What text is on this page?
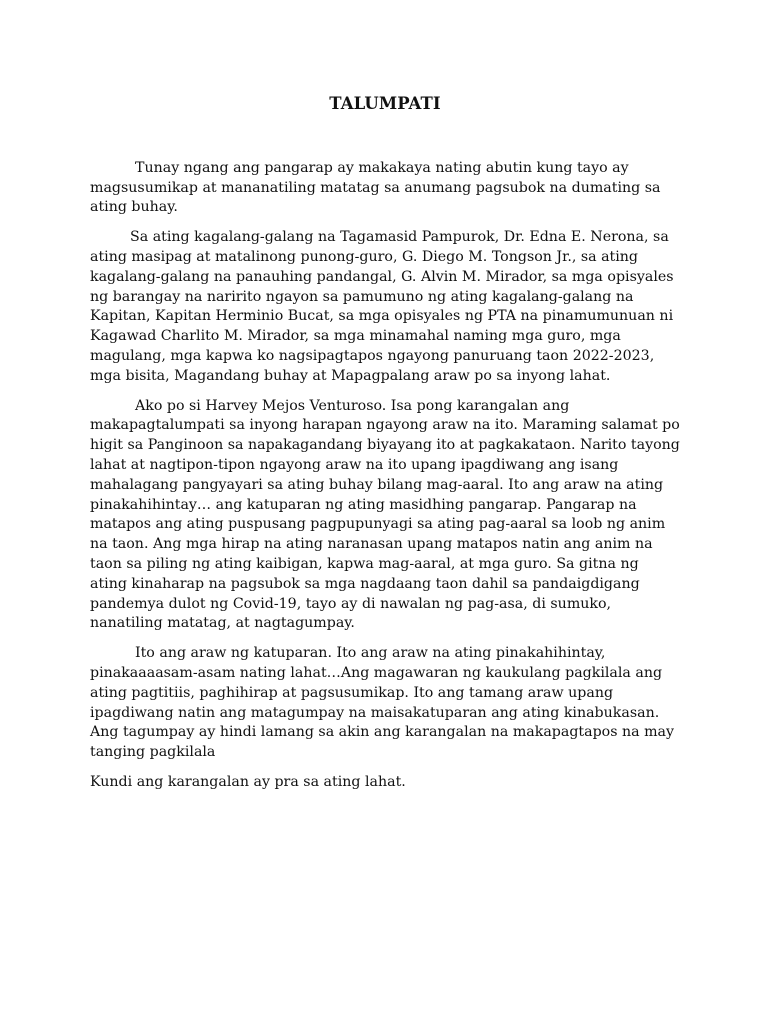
TALUMPATI

Tunay ngang ang pangarap ay makakaya nating abutin kung tayo ay magsusumikap at mananatiling matatag sa anumang pagsubok na dumating sa ating buhay.

Sa ating kagalang-galang na Tagamasid Pampurok, Dr. Edna E. Nerona, sa ating masipag at matalinong punong-guro, G. Diego M. Tongson Jr., sa ating kagalang-galang na panauhing pandangal, G. Alvin M. Mirador, sa mga opisyales ng barangay na naririto ngayon sa pamumuno ng ating kagalang-galang na Kapitan, Kapitan Herminio Bucat, sa mga opisyales ng PTA na pinamumunuan ni Kagawad Charlito M. Mirador, sa mga minamahal naming mga guro, mga magulang, mga kapwa ko nagsipagtapos ngayong panuruang taon 2022-2023, mga bisita, Magandang buhay at Mapagpalang araw po sa inyong lahat.

Ako po si Harvey Mejos Venturoso. Isa pong karangalan ang makapagtalumpati sa inyong harapan ngayong araw na ito. Maraming salamat po higit sa Panginoon sa napakagandang biyayang ito at pagkakataon. Narito tayong lahat at nagtipon-tipon ngayong araw na ito upang ipagdiwang ang isang mahalagang pangyayari sa ating buhay bilang mag-aaral. Ito ang araw na ating pinakahihintay… ang katuparan ng ating masidhing pangarap. Pangarap na matapos ang ating puspusang pagpupunyagi sa ating pag-aaral sa loob ng anim na taon. Ang mga hirap na ating naranasan upang matapos natin ang anim na taon sa piling ng ating kaibigan, kapwa mag-aaral, at mga guro. Sa gitna ng ating kinaharap na pagsubok sa mga nagdaang taon dahil sa pandaigdigang pandemya dulot ng Covid-19, tayo ay di nawalan ng pag-asa, di sumuko, nanatiling matatag, at nagtagumpay.

Ito ang araw ng katuparan. Ito ang araw na ating pinakahihintay, pinakaaaasam-asam nating lahat…Ang magawaran ng kaukulang pagkilala ang ating pagtitiis, paghihirap at pagsusumikap. Ito ang tamang araw upang ipagdiwang natin ang matagumpay na maisakatuparan ang ating kinabukasan. Ang tagumpay ay hindi lamang sa akin ang karangalan na makapagtapos na may tanging pagkilala

Kundi ang karangalan ay pra sa ating lahat.
